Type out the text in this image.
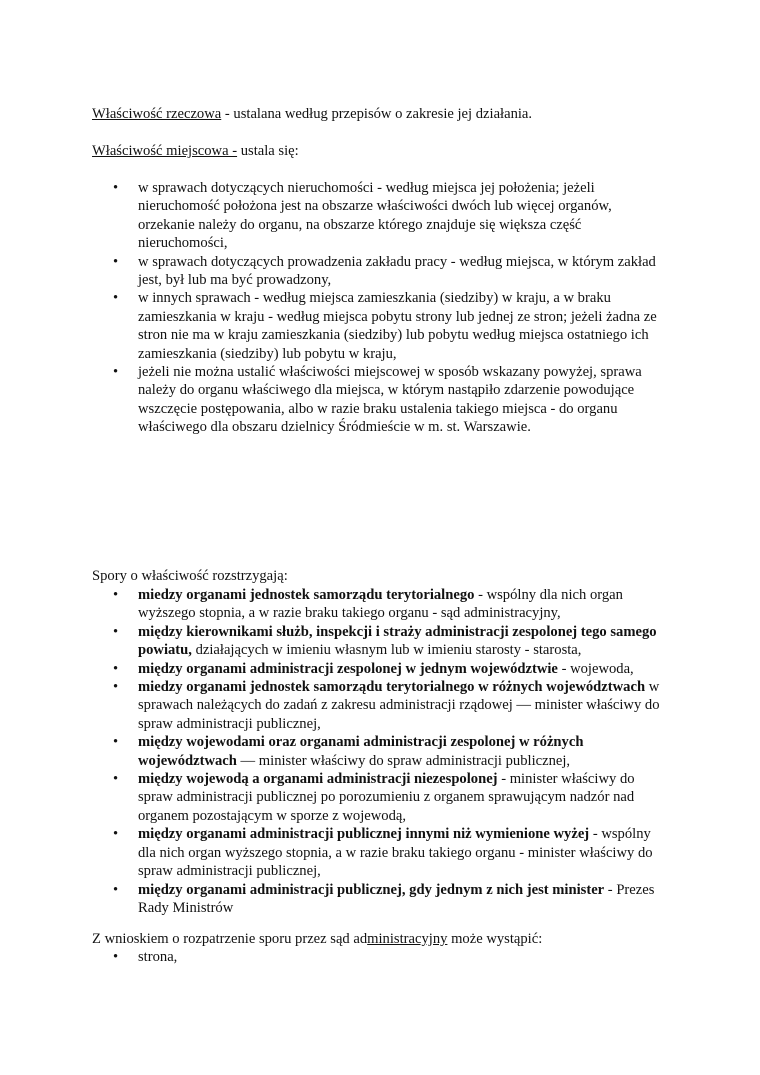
Właściwość rzeczowa - ustalana według przepisów o zakresie jej działania.

Właściwość miejscowa - ustala się:

• w sprawach dotyczących nieruchomości - według miejsca jej położenia; jeżeli nieruchomość położona jest na obszarze właściwości dwóch lub więcej organów, orzekanie należy do organu, na obszarze którego znajduje się większa część nieruchomości,
• w sprawach dotyczących prowadzenia zakładu pracy - według miejsca, w którym zakład jest, był lub ma być prowadzony,
• w innych sprawach - według miejsca zamieszkania (siedziby) w kraju, a w braku zamieszkania w kraju - według miejsca pobytu strony lub jednej ze stron; jeżeli żadna ze stron nie ma w kraju zamieszkania (siedziby) lub pobytu według miejsca ostatniego ich zamieszkania (siedziby) lub pobytu w kraju,
• jeżeli nie można ustalić właściwości miejscowej w sposób wskazany powyżej, sprawa należy do organu właściwego dla miejsca, w którym nastąpiło zdarzenie powodujące wszczęcie postępowania, albo w razie braku ustalenia takiego miejsca - do organu właściwego dla obszaru dzielnicy Śródmieście w m. st. Warszawie.

Spory o właściwość rozstrzygają:

• miedzy organami jednostek samorządu terytorialnego - wspólny dla nich organ wyższego stopnia, a w razie braku takiego organu - sąd administracyjny,
• między kierownikami służb, inspekcji i straży administracji zespolonej tego samego powiatu, działających w imieniu własnym lub w imieniu starosty - starosta,
• między organami administracji zespolonej w jednym województwie - wojewoda,
• miedzy organami jednostek samorządu terytorialnego w różnych województwach w sprawach należących do zadań z zakresu administracji rządowej — minister właściwy do spraw administracji publicznej,
• między wojewodami oraz organami administracji zespolonej w różnych województwach — minister właściwy do spraw administracji publicznej,
• między wojewodą a organami administracji niezespolonej - minister właściwy do spraw administracji publicznej po porozumieniu z organem sprawującym nadzór nad organem pozostającym w sporze z wojewodą,
• między organami administracji publicznej innymi niż wymienione wyżej - wspólny dla nich organ wyższego stopnia, a w razie braku takiego organu - minister właściwy do spraw administracji publicznej,
• między organami administracji publicznej, gdy jednym z nich jest minister - Prezes Rady Ministrów

Z wnioskiem o rozpatrzenie sporu przez sąd administracyjny może wystąpić:

• strona,
